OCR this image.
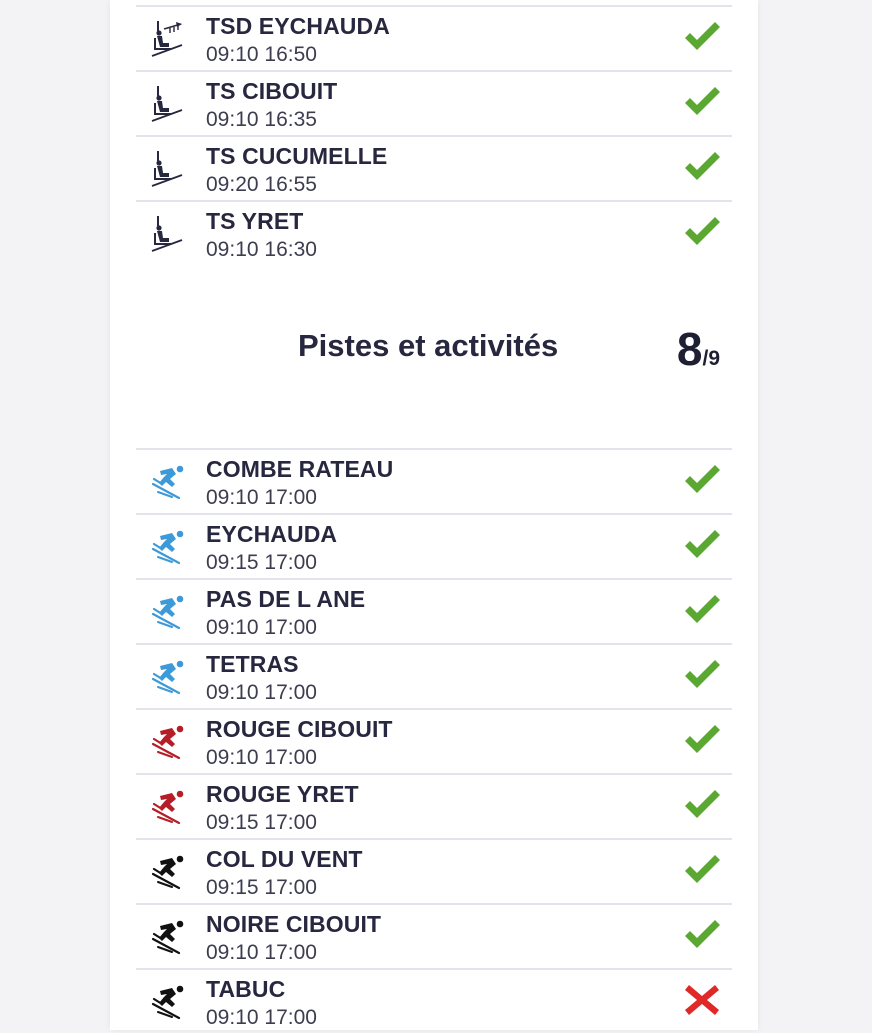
TSD EYCHAUDA
09:10 16:50
TS CIBOUIT
09:10 16:35
TS CUCUMELLE
09:20 16:55
TS YRET
09:10 16:30
Pistes et activités	8/9
COMBE RATEAU
09:10 17:00
EYCHAUDA
09:15 17:00
PAS DE L ANE
09:10 17:00
TETRAS
09:10 17:00
ROUGE CIBOUIT
09:10 17:00
ROUGE YRET
09:15 17:00
COL DU VENT
09:15 17:00
NOIRE CIBOUIT
09:10 17:00
TABUC
09:10 17:00
